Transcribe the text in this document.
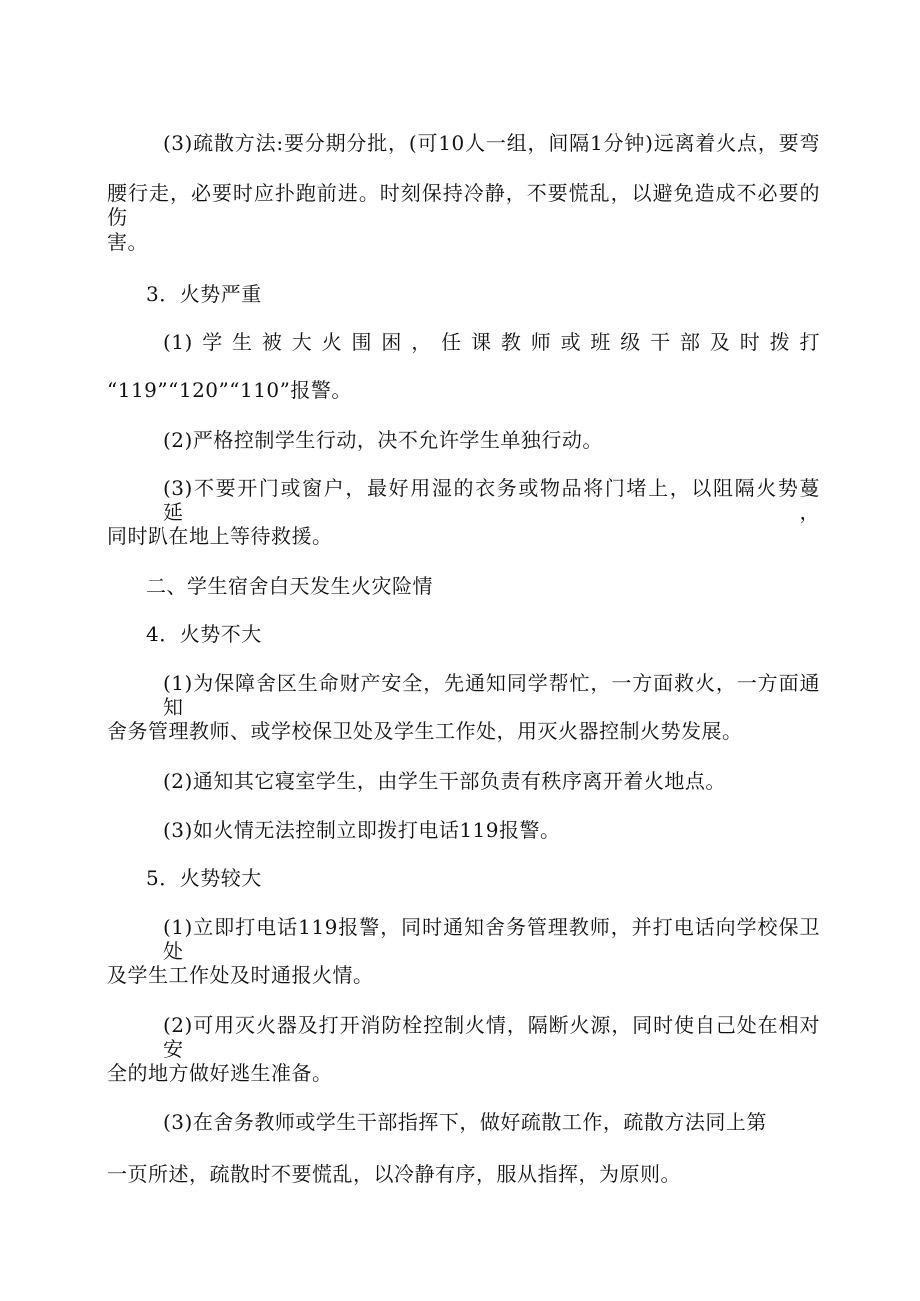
(3)疏散方法:要分期分批，(可10人一组，间隔1分钟)远离着火点，要弯
腰行走，必要时应扑跑前进。时刻保持冷静，不要慌乱，以避免造成不必要的伤
害。
3．火势严重
(1)学生被大火围困，任课教师或班级干部及时拨打
“119”“120”“110”报警。
(2)严格控制学生行动，决不允许学生单独行动。
(3)不要开门或窗户，最好用湿的衣务或物品将门堵上，以阻隔火势蔓延，
同时趴在地上等待救援。
二、学生宿舍白天发生火灾险情
4．火势不大
(1)为保障舍区生命财产安全，先通知同学帮忙，一方面救火，一方面通知
舍务管理教师、或学校保卫处及学生工作处，用灭火器控制火势发展。
(2)通知其它寝室学生，由学生干部负责有秩序离开着火地点。
(3)如火情无法控制立即拨打电话119报警。
5．火势较大
(1)立即打电话119报警，同时通知舍务管理教师，并打电话向学校保卫处
及学生工作处及时通报火情。
(2)可用灭火器及打开消防栓控制火情，隔断火源，同时使自己处在相对安
全的地方做好逃生准备。
(3)在舍务教师或学生干部指挥下，做好疏散工作，疏散方法同上第
一页所述，疏散时不要慌乱，以冷静有序，服从指挥，为原则。
